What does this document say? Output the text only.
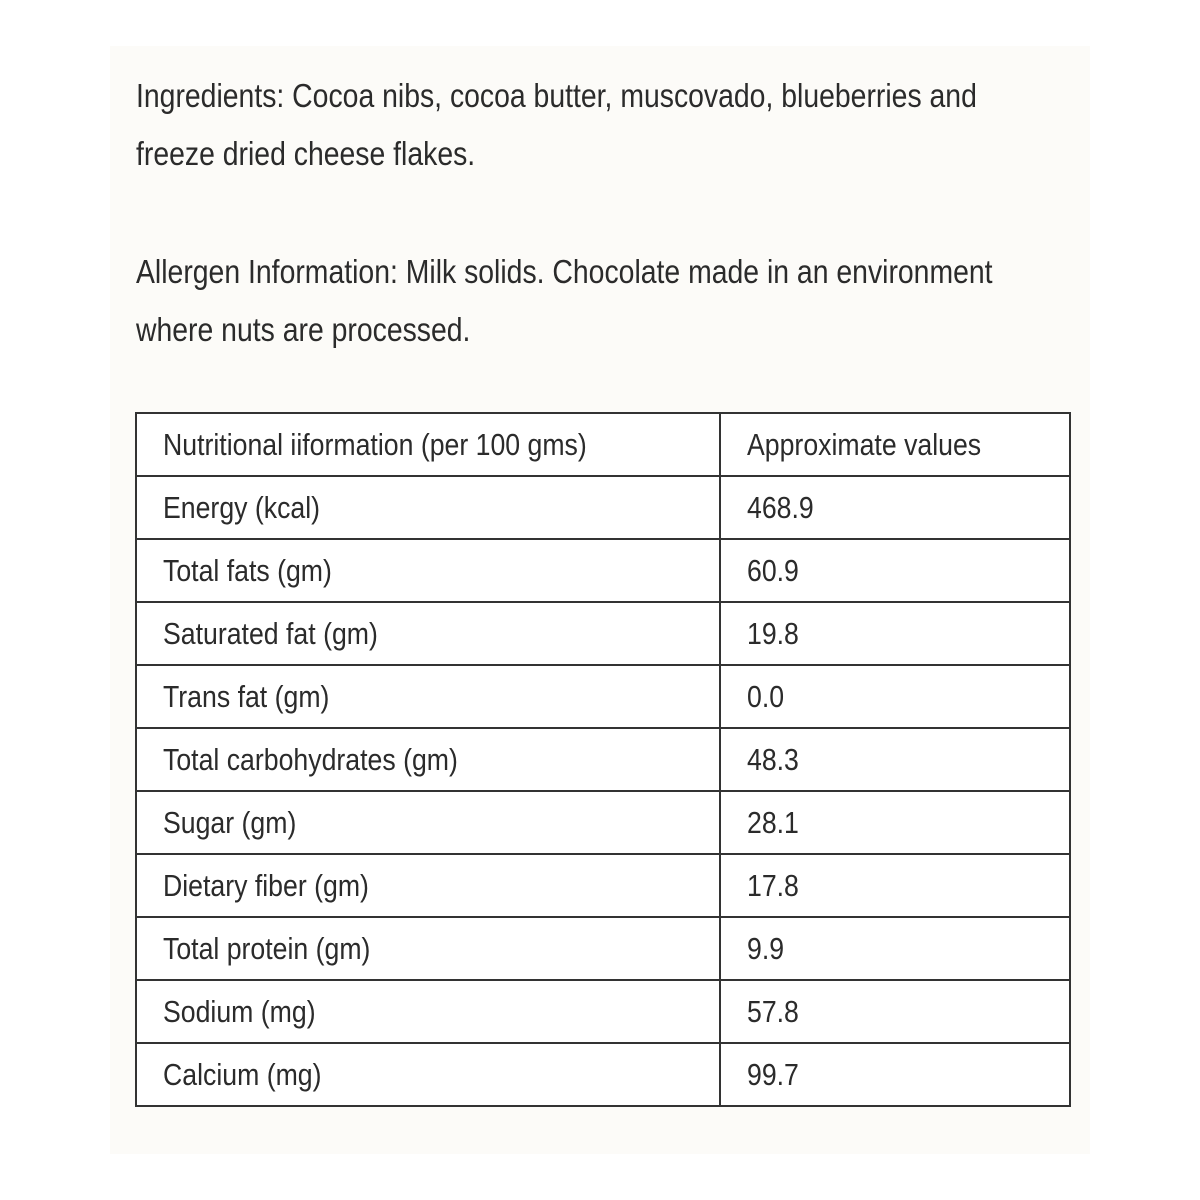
Ingredients: Cocoa nibs, cocoa butter, muscovado, blueberries and
freeze dried cheese flakes.

Allergen Information: Milk solids. Chocolate made in an environment
where nuts are processed.

Nutritional iiformation (per 100 gms)	Approximate values
Energy (kcal)	468.9
Total fats (gm)	60.9
Saturated fat (gm)	19.8
Trans fat (gm)	0.0
Total carbohydrates (gm)	48.3
Sugar (gm)	28.1
Dietary fiber (gm)	17.8
Total protein (gm)	9.9
Sodium (mg)	57.8
Calcium (mg)	99.7
